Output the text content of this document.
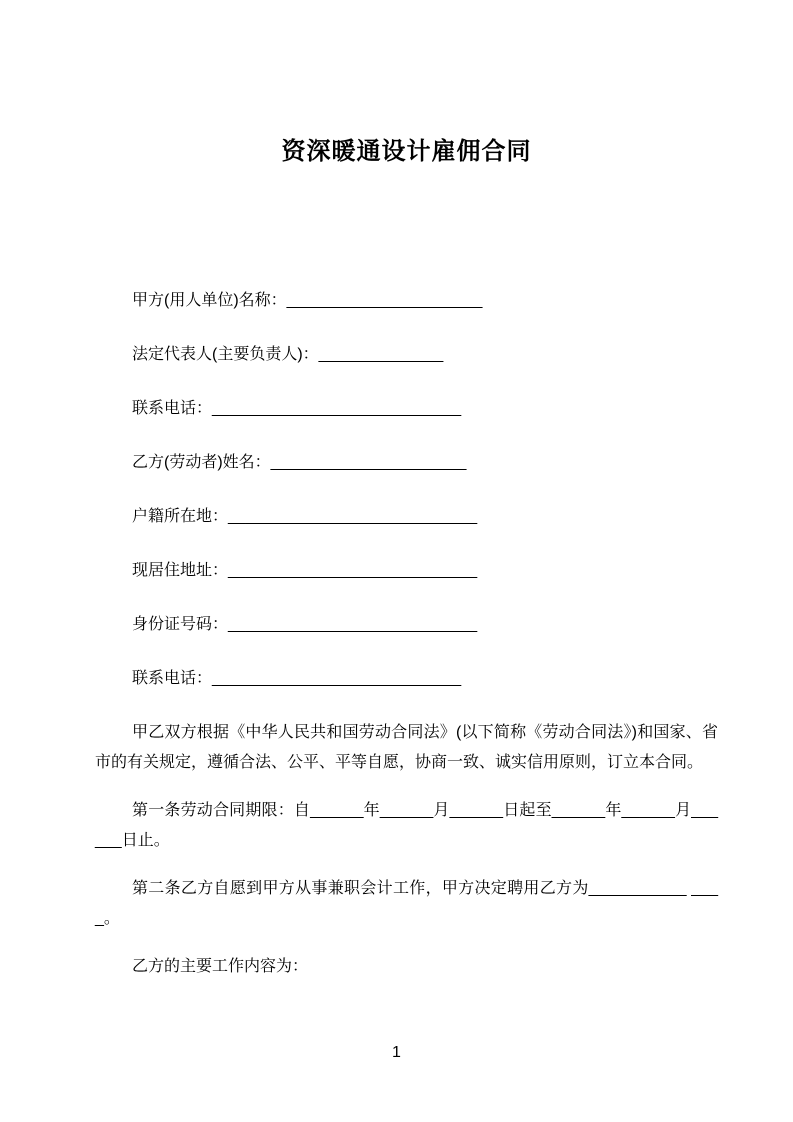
资深暖通设计雇佣合同

甲方(用人单位)名称：______________________

法定代表人(主要负责人)：______________

联系电话：____________________________

乙方(劳动者)姓名：______________________

户籍所在地：____________________________

现居住地址：____________________________

身份证号码：____________________________

联系电话：____________________________

甲乙双方根据《中华人民共和国劳动合同法》(以下简称《劳动合同法》)和国家、省市的有关规定，遵循合法、公平、平等自愿，协商一致、诚实信用原则，订立本合同。

第一条劳动合同期限：自______年______月______日起至______年______月______日止。

第二条乙方自愿到甲方从事兼职会计工作，甲方决定聘用乙方为___________ ____。

乙方的主要工作内容为：

1
